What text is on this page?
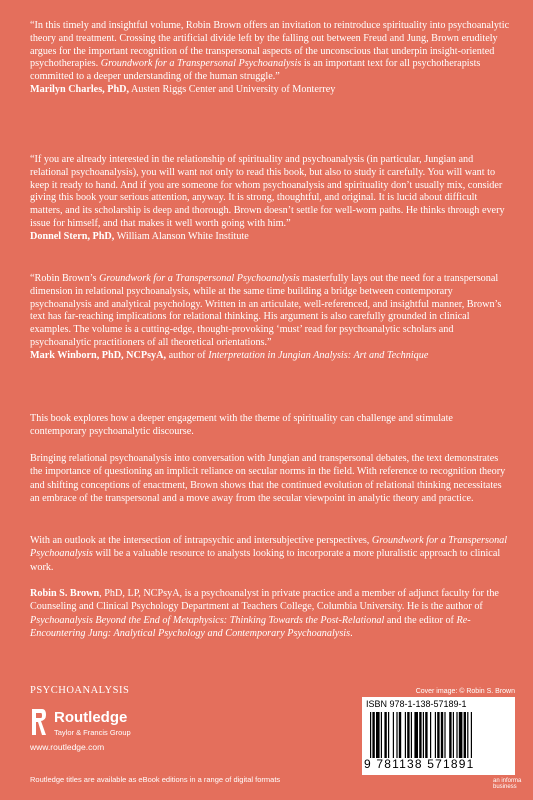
“In this timely and insightful volume, Robin Brown offers an invitation to reintroduce spirituality into psychoanalytic theory and treatment. Crossing the artificial divide left by the falling out between Freud and Jung, Brown eruditely argues for the important recognition of the transpersonal aspects of the unconscious that underpin insight-oriented psychotherapies. Groundwork for a Transpersonal Psychoanalysis is an important text for all psychotherapists committed to a deeper understanding of the human struggle.”

Marilyn Charles, PhD, Austen Riggs Center and University of Monterrey

“If you are already interested in the relationship of spirituality and psychoanalysis (in particular, Jungian and relational psychoanalysis), you will want not only to read this book, but also to study it carefully. You will want to keep it ready to hand. And if you are someone for whom psychoanalysis and spirituality don’t usually mix, consider giving this book your serious attention, anyway. It is strong, thoughtful, and original. It is lucid about difficult matters, and its scholarship is deep and thorough. Brown doesn’t settle for well-worn paths. He thinks through every issue for himself, and that makes it well worth going with him.”

Donnel Stern, PhD, William Alanson White Institute

“Robin Brown’s Groundwork for a Transpersonal Psychoanalysis masterfully lays out the need for a transpersonal dimension in relational psychoanalysis, while at the same time building a bridge between contemporary psychoanalysis and analytical psychology. Written in an articulate, well-referenced, and insightful manner, Brown’s text has far-reaching implications for relational thinking. His argument is also carefully grounded in clinical examples. The volume is a cutting-edge, thought-provoking ‘must’ read for psychoanalytic scholars and psychoanalytic practitioners of all theoretical orientations.”

Mark Winborn, PhD, NCPsyA, author of Interpretation in Jungian Analysis: Art and Technique

This book explores how a deeper engagement with the theme of spirituality can challenge and stimulate contemporary psychoanalytic discourse.

Bringing relational psychoanalysis into conversation with Jungian and transpersonal debates, the text demonstrates the importance of questioning an implicit reliance on secular norms in the field. With reference to recognition theory and shifting conceptions of enactment, Brown shows that the continued evolution of relational thinking necessitates an embrace of the transpersonal and a move away from the secular viewpoint in analytic theory and practice.

With an outlook at the intersection of intrapsychic and intersubjective perspectives, Groundwork for a Transpersonal Psychoanalysis will be a valuable resource to analysts looking to incorporate a more pluralistic approach to clinical work.

Robin S. Brown, PhD, LP, NCPsyA, is a psychoanalyst in private practice and a member of adjunct faculty for the Counseling and Clinical Psychology Department at Teachers College, Columbia University. He is the author of Psychoanalysis Beyond the End of Metaphysics: Thinking Towards the Post-Relational and the editor of Re-Encountering Jung: Analytical Psychology and Contemporary Psychoanalysis.

PSYCHOANALYSIS
Routledge
Taylor & Francis Group
www.routledge.com
Routledge titles are available as eBook editions in a range of digital formats
Cover image: © Robin S. Brown
ISBN 978-1-138-57189-1
9 781138 571891
an informa business
